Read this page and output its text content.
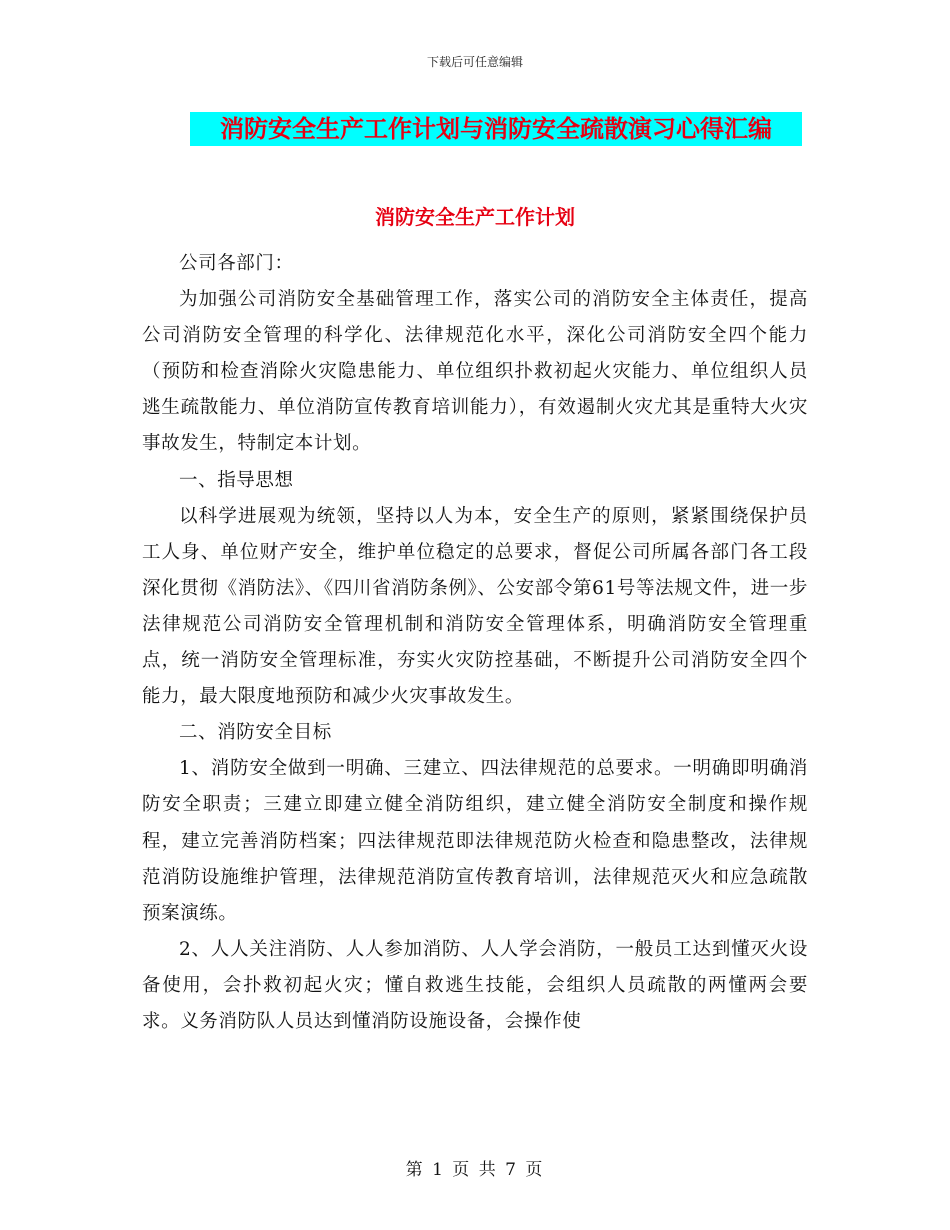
下载后可任意编辑
消防安全生产工作计划与消防安全疏散演习心得汇编
消防安全生产工作计划

公司各部门：

为加强公司消防安全基础管理工作，落实公司的消防安全主体责任，提高公司消防安全管理的科学化、法律规范化水平，深化公司消防安全四个能力（预防和检查消除火灾隐患能力、单位组织扑救初起火灾能力、单位组织人员逃生疏散能力、单位消防宣传教育培训能力），有效遏制火灾尤其是重特大火灾事故发生，特制定本计划。

一、指导思想

以科学进展观为统领，坚持以人为本，安全生产的原则，紧紧围绕保护员工人身、单位财产安全，维护单位稳定的总要求，督促公司所属各部门各工段深化贯彻《消防法》、《四川省消防条例》、公安部令第61号等法规文件，进一步法律规范公司消防安全管理机制和消防安全管理体系，明确消防安全管理重点，统一消防安全管理标准，夯实火灾防控基础，不断提升公司消防安全四个能力，最大限度地预防和减少火灾事故发生。

二、消防安全目标

1、消防安全做到一明确、三建立、四法律规范的总要求。一明确即明确消防安全职责；三建立即建立健全消防组织，建立健全消防安全制度和操作规程，建立完善消防档案；四法律规范即法律规范防火检查和隐患整改，法律规范消防设施维护管理，法律规范消防宣传教育培训，法律规范灭火和应急疏散预案演练。

2、人人关注消防、人人参加消防、人人学会消防，一般员工达到懂灭火设备使用，会扑救初起火灾；懂自救逃生技能，会组织人员疏散的两懂两会要求。义务消防队人员达到懂消防设施设备，会操作使

第 1 页 共 7 页
